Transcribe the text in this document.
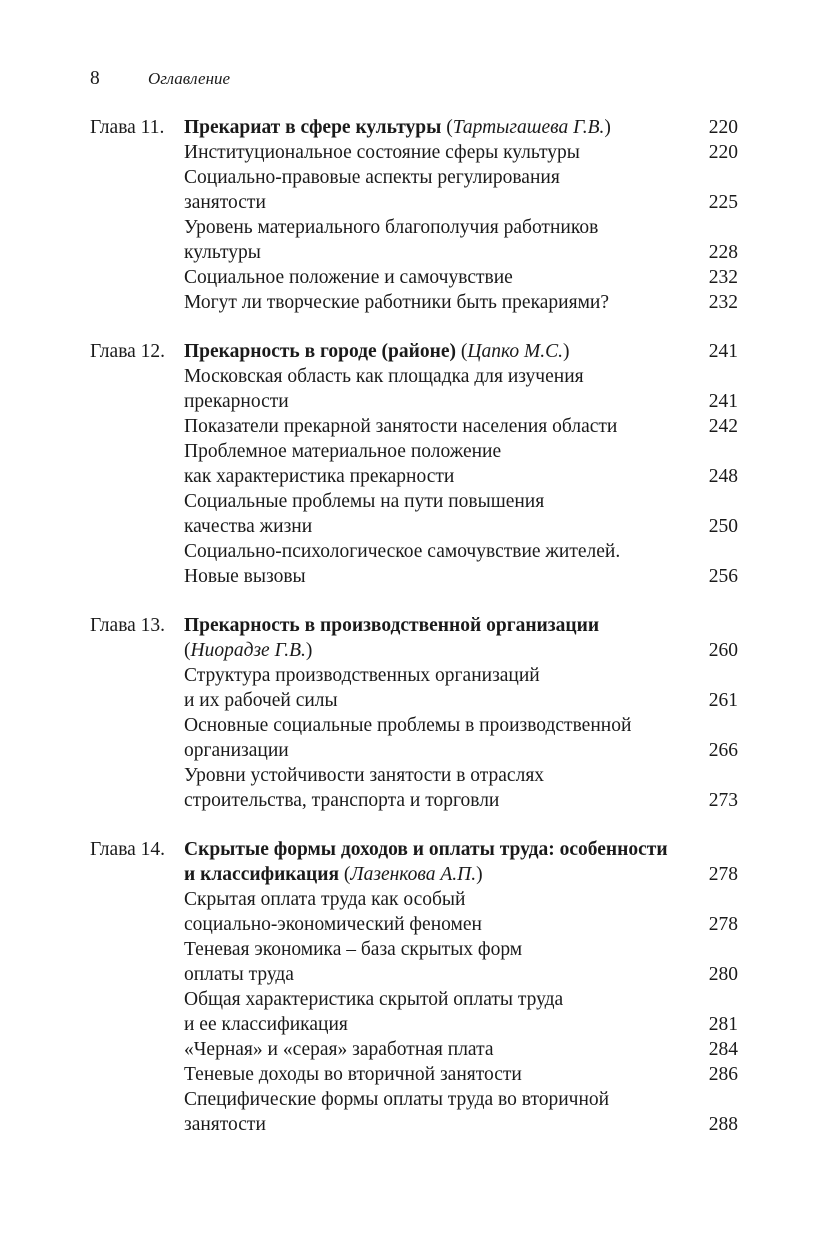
8	Оглавление
Глава 11. Прекариат в сфере культуры (Тартыгашева Г.В.)	220
Институциональное состояние сферы культуры	220
Социально-правовые аспекты регулирования
занятости	225
Уровень материального благополучия работников
культуры	228
Социальное положение и самочувствие	232
Могут ли творческие работники быть прекариями?	232
Глава 12. Прекарность в городе (районе) (Цапко М.С.)	241
Московская область как площадка для изучения
прекарности	241
Показатели прекарной занятости населения области	242
Проблемное материальное положение
как характеристика прекарности	248
Социальные проблемы на пути повышения
качества жизни	250
Социально-психологическое самочувствие жителей.
Новые вызовы	256
Глава 13. Прекарность в производственной организации
(Ниорадзе Г.В.)	260
Структура производственных организаций
и их рабочей силы	261
Основные социальные проблемы в производственной
организации	266
Уровни устойчивости занятости в отраслях
строительства, транспорта и торговли	273
Глава 14. Скрытые формы доходов и оплаты труда: особенности
и классификация (Лазенкова А.П.)	278
Скрытая оплата труда как особый
социально-экономический феномен	278
Теневая экономика – база скрытых форм
оплаты труда	280
Общая характеристика скрытой оплаты труда
и ее классификация	281
«Черная» и «серая» заработная плата	284
Теневые доходы во вторичной занятости	286
Специфические формы оплаты труда во вторичной
занятости	288
